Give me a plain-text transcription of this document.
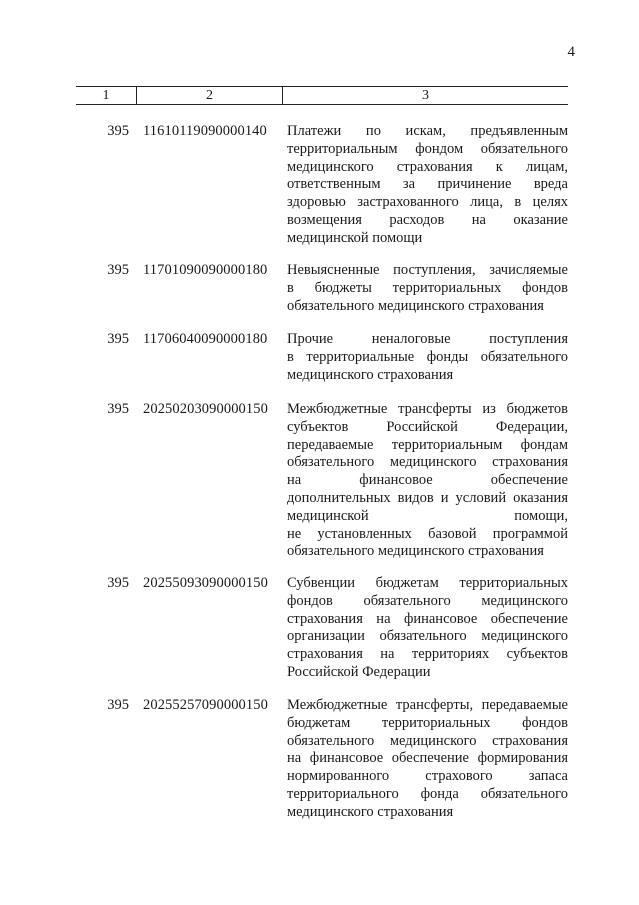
4
1	2	3
395 11610119090000140	Платежи по искам, предъявленным
территориальным фондом обязательного
медицинского страхования к лицам,
ответственным за причинение вреда
здоровью застрахованного лица, в целях
возмещения расходов на оказание
медицинской помощи
395 11701090090000180	Невыясненные поступления, зачисляемые
в бюджеты территориальных фондов
обязательного медицинского страхования
395 11706040090000180	Прочие неналоговые поступления
в территориальные фонды обязательного
медицинского страхования
395 20250203090000150	Межбюджетные трансферты из бюджетов
субъектов Российской Федерации,
передаваемые территориальным фондам
обязательного медицинского страхования
на финансовое обеспечение
дополнительных видов и условий оказания
медицинской помощи,
не установленных базовой программой
обязательного медицинского страхования
395 20255093090000150	Субвенции бюджетам территориальных
фондов обязательного медицинского
страхования на финансовое обеспечение
организации обязательного медицинского
страхования на территориях субъектов
Российской Федерации
395 20255257090000150	Межбюджетные трансферты, передаваемые
бюджетам территориальных фондов
обязательного медицинского страхования
на финансовое обеспечение формирования
нормированного страхового запаса
территориального фонда обязательного
медицинского страхования
